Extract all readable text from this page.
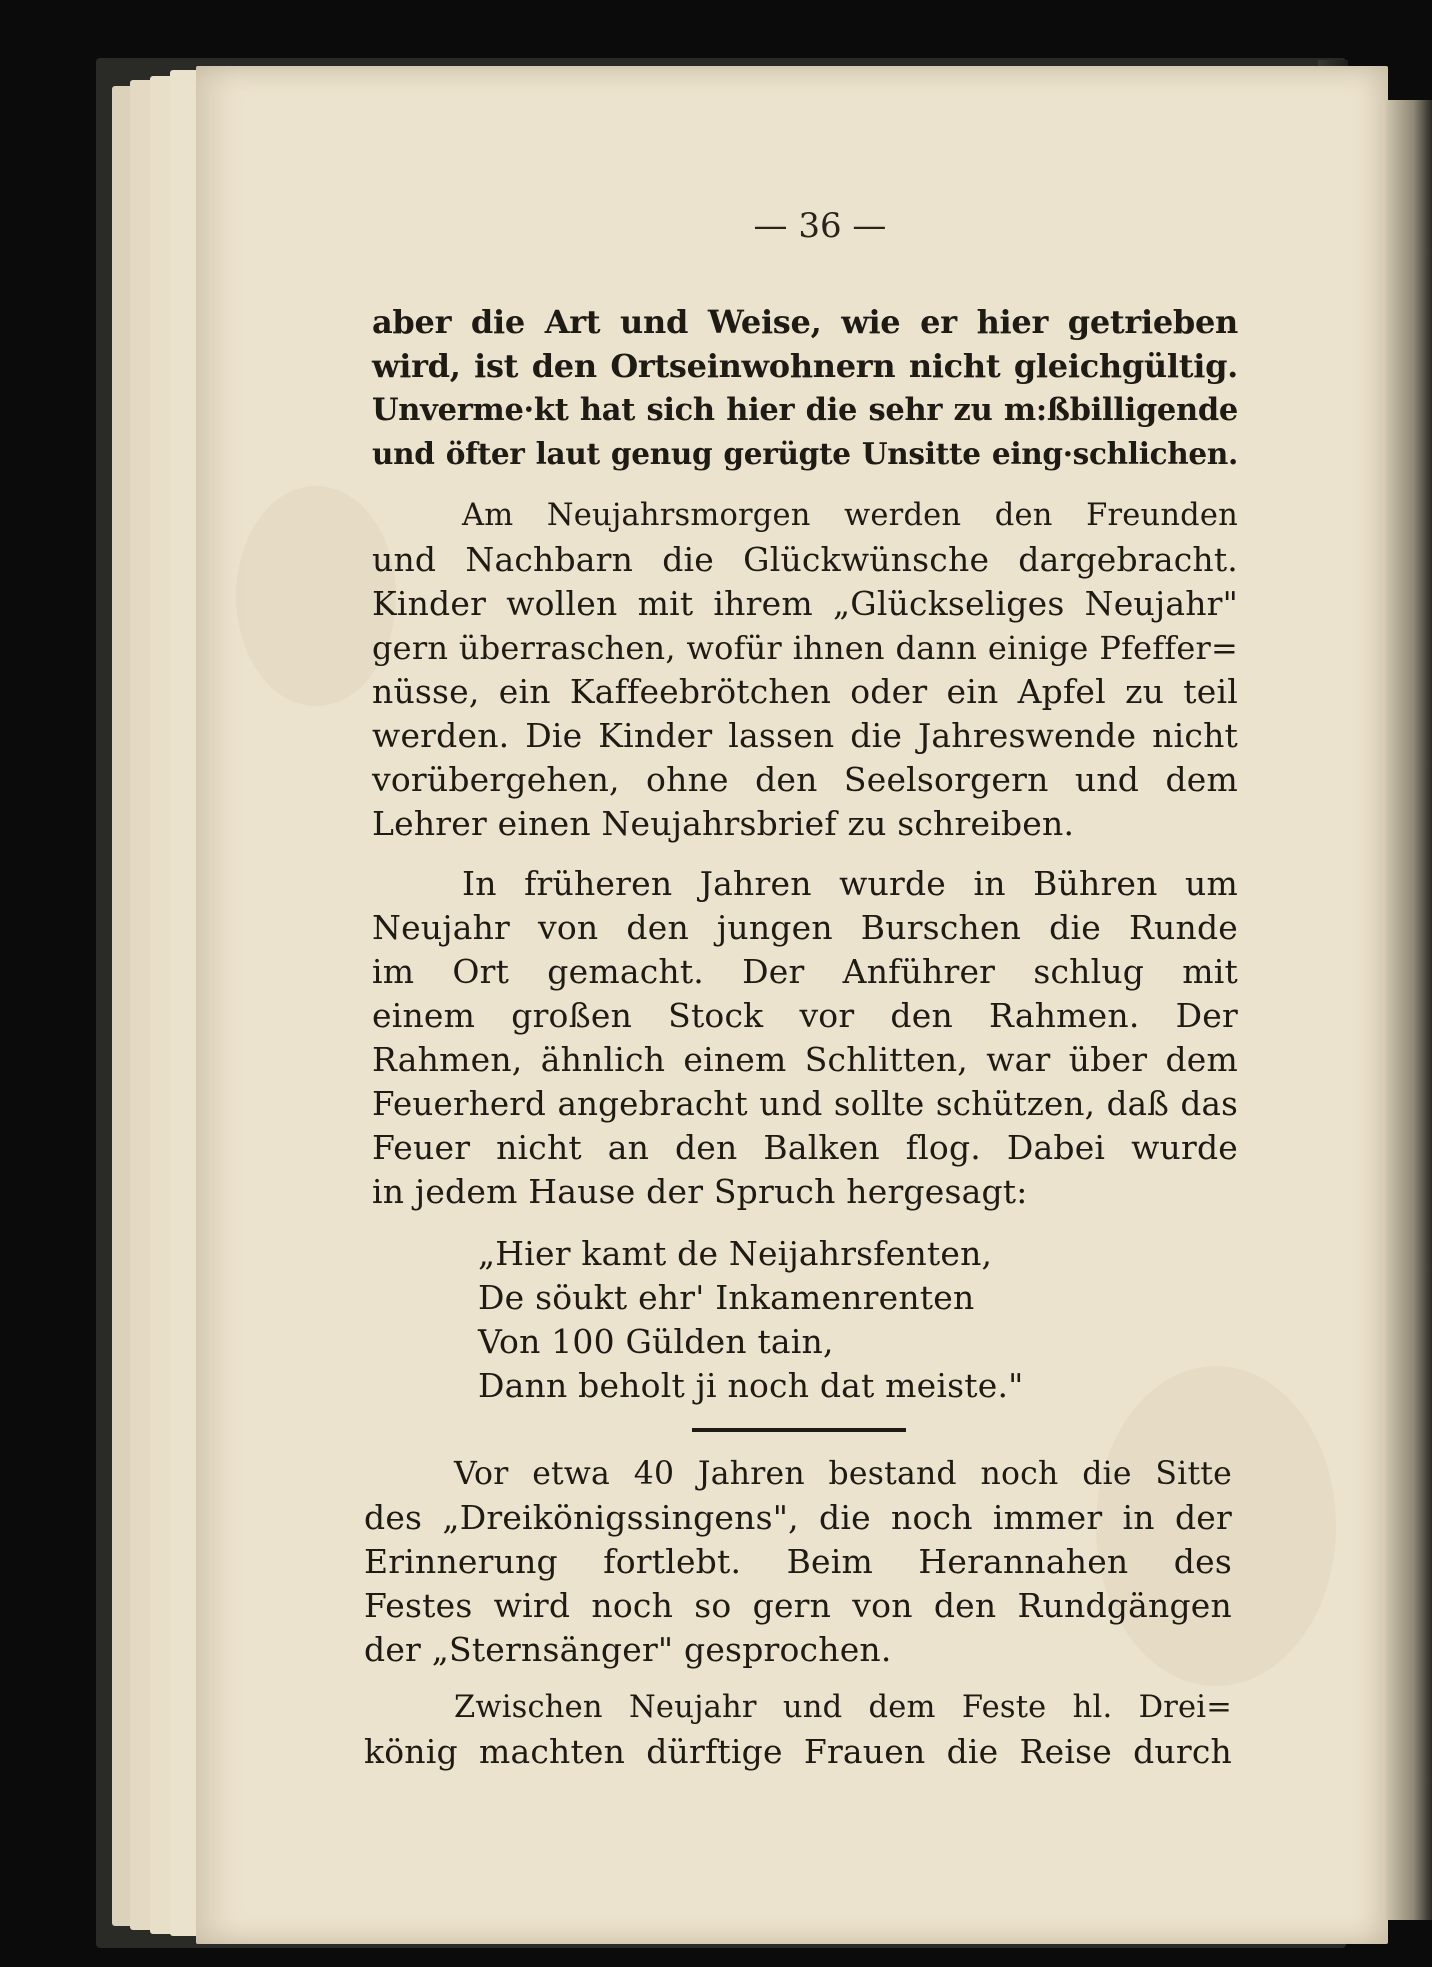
— 36 —
aber die Art und Weise, wie er hier getrieben
wird, ist den Ortseinwohnern nicht gleichgültig.
Unverme·kt hat sich hier die sehr zu m:ßbilligende
und öfter laut genug gerügte Unsitte eing·schlichen.
Am Neujahrsmorgen werden den Freunden
und Nachbarn die Glückwünsche dargebracht.
Kinder wollen mit ihrem „Glückseliges Neujahr"
gern überraschen, wofür ihnen dann einige Pfeffer=
nüsse, ein Kaffeebrötchen oder ein Apfel zu teil
werden. Die Kinder lassen die Jahreswende nicht
vorübergehen, ohne den Seelsorgern und dem
Lehrer einen Neujahrsbrief zu schreiben.
In früheren Jahren wurde in Bühren um
Neujahr von den jungen Burschen die Runde
im Ort gemacht. Der Anführer schlug mit
einem großen Stock vor den Rahmen. Der
Rahmen, ähnlich einem Schlitten, war über dem
Feuerherd angebracht und sollte schützen, daß das
Feuer nicht an den Balken flog. Dabei wurde
in jedem Hause der Spruch hergesagt:
„Hier kamt de Neijahrsfenten,
De söukt ehr' Inkamenrenten
Von 100 Gülden tain,
Dann beholt ji noch dat meiste."
Vor etwa 40 Jahren bestand noch die Sitte
des „Dreikönigssingens", die noch immer in der
Erinnerung fortlebt. Beim Herannahen des
Festes wird noch so gern von den Rundgängen
der „Sternsänger" gesprochen.
Zwischen Neujahr und dem Feste hl. Drei=
könig machten dürftige Frauen die Reise durch
